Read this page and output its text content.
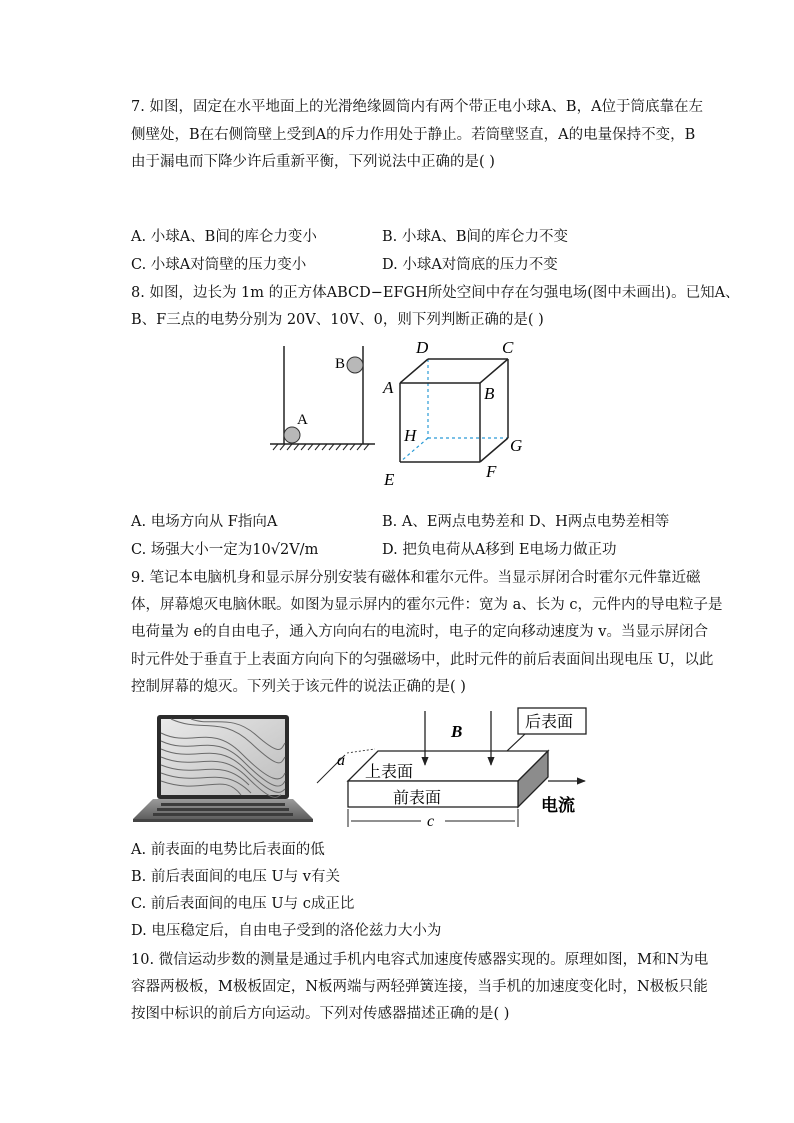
7. 如图，固定在水平地面上的光滑绝缘圆筒内有两个带正电小球A、B，A位于筒底靠在左
侧壁处，B在右侧筒壁上受到A的斥力作用处于静止。若筒壁竖直，A的电量保持不变，B
由于漏电而下降少许后重新平衡，下列说法中正确的是( )
A. 小球A、B间的库仑力变小	B. 小球A、B间的库仑力不变
C. 小球A对筒壁的压力变小	D. 小球A对筒底的压力不变
8. 如图，边长为 1m 的正方体ABCD−EFGH所处空间中存在匀强电场(图中未画出)。已知A、
B、F三点的电势分别为 20V、10V、0，则下列判断正确的是( )
A
B
D	C
A	B
H
G
F
E
A. 电场方向从 F指向A	B. A、E两点电势差和 D、H两点电势差相等
C. 场强大小一定为10√2V/m	D. 把负电荷从A移到 E电场力做正功
9. 笔记本电脑机身和显示屏分别安装有磁体和霍尔元件。当显示屏闭合时霍尔元件靠近磁
体，屏幕熄灭电脑休眠。如图为显示屏内的霍尔元件：宽为 a、长为 c，元件内的导电粒子是
电荷量为 e的自由电子，通入方向向右的电流时，电子的定向移动速度为 v。当显示屏闭合
时元件处于垂直于上表面方向向下的匀强磁场中，此时元件的前后表面间出现电压 U，以此
控制屏幕的熄灭。下列关于该元件的说法正确的是( )
B
后表面
上表面
前表面	电流
a
c
A. 前表面的电势比后表面的低
B. 前后表面间的电压 U与 v有关
C. 前后表面间的电压 U与 c成正比
D. 电压稳定后，自由电子受到的洛伦兹力大小为
10. 微信运动步数的测量是通过手机内电容式加速度传感器实现的。原理如图，M和N为电
容器两极板，M极板固定，N板两端与两轻弹簧连接，当手机的加速度变化时，N极板只能
按图中标识的前后方向运动。下列对传感器描述正确的是( )
